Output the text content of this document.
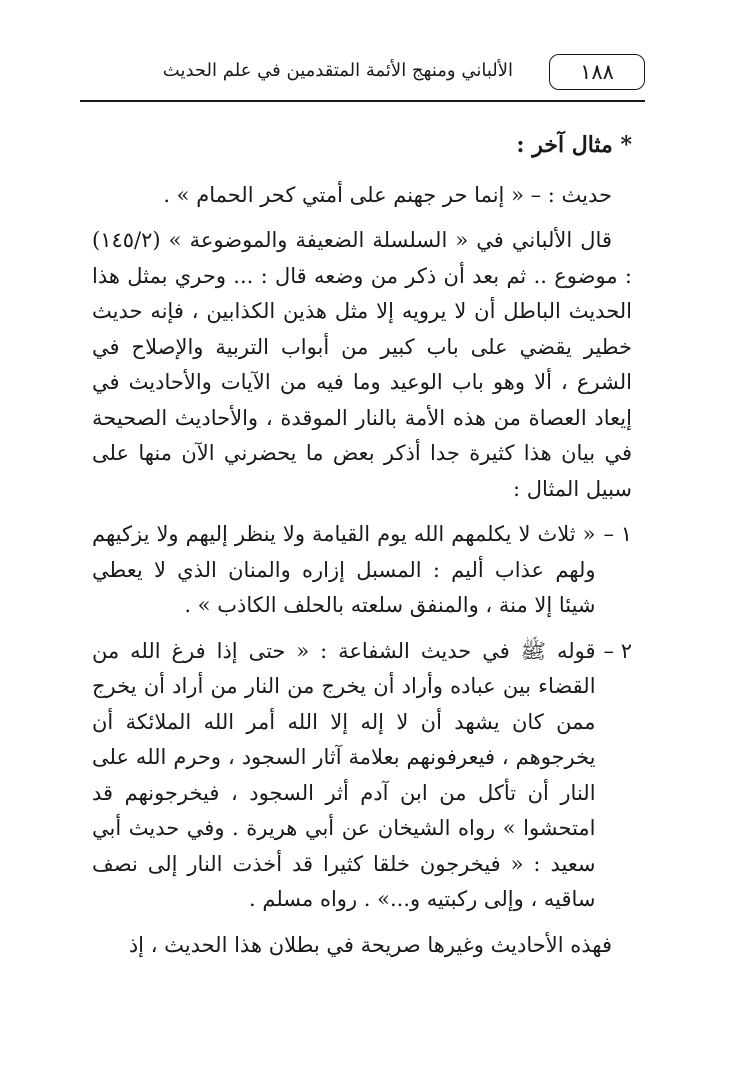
١٨٨
الألباني ومنهج الأئمة المتقدمين في علم الحديث
* مثال آخر :

حديث : – « إنما حر جهنم على أمتي كحر الحمام » .

قال الألباني في « السلسلة الضعيفة والموضوعة » (١٤٥/٢) : موضوع .. ثم بعد أن ذكر من وضعه قال : ... وحري بمثل هذا الحديث الباطل أن لا يرويه إلا مثل هذين الكذابين ، فإنه حديث خطير يقضي على باب كبير من أبواب التربية والإصلاح في الشرع ، ألا وهو باب الوعيد وما فيه من الآيات والأحاديث في إيعاد العصاة من هذه الأمة بالنار الموقدة ، والأحاديث الصحيحة في بيان هذا كثيرة جدا أذكر بعض ما يحضرني الآن منها على سبيل المثال :

١ –
« ثلاث لا يكلمهم الله يوم القيامة ولا ينظر إليهم ولا يزكيهم ولهم عذاب أليم : المسبل إزاره والمنان الذي لا يعطي شيئا إلا منة ، والمنفق سلعته بالحلف الكاذب » .
٢ –
قوله ﷺ في حديث الشفاعة : « حتى إذا فرغ الله من القضاء بين عباده وأراد أن يخرج من النار من أراد أن يخرج ممن كان يشهد أن لا إله إلا الله أمر الله الملائكة أن يخرجوهم ، فيعرفونهم بعلامة آثار السجود ، وحرم الله على النار أن تأكل من ابن آدم أثر السجود ، فيخرجونهم قد امتحشوا » رواه الشيخان عن أبي هريرة . وفي حديث أبي سعيد : « فيخرجون خلقا كثيرا قد أخذت النار إلى نصف ساقيه ، وإلى ركبتيه و...» . رواه مسلم .

فهذه الأحاديث وغيرها صريحة في بطلان هذا الحديث ، إذ
